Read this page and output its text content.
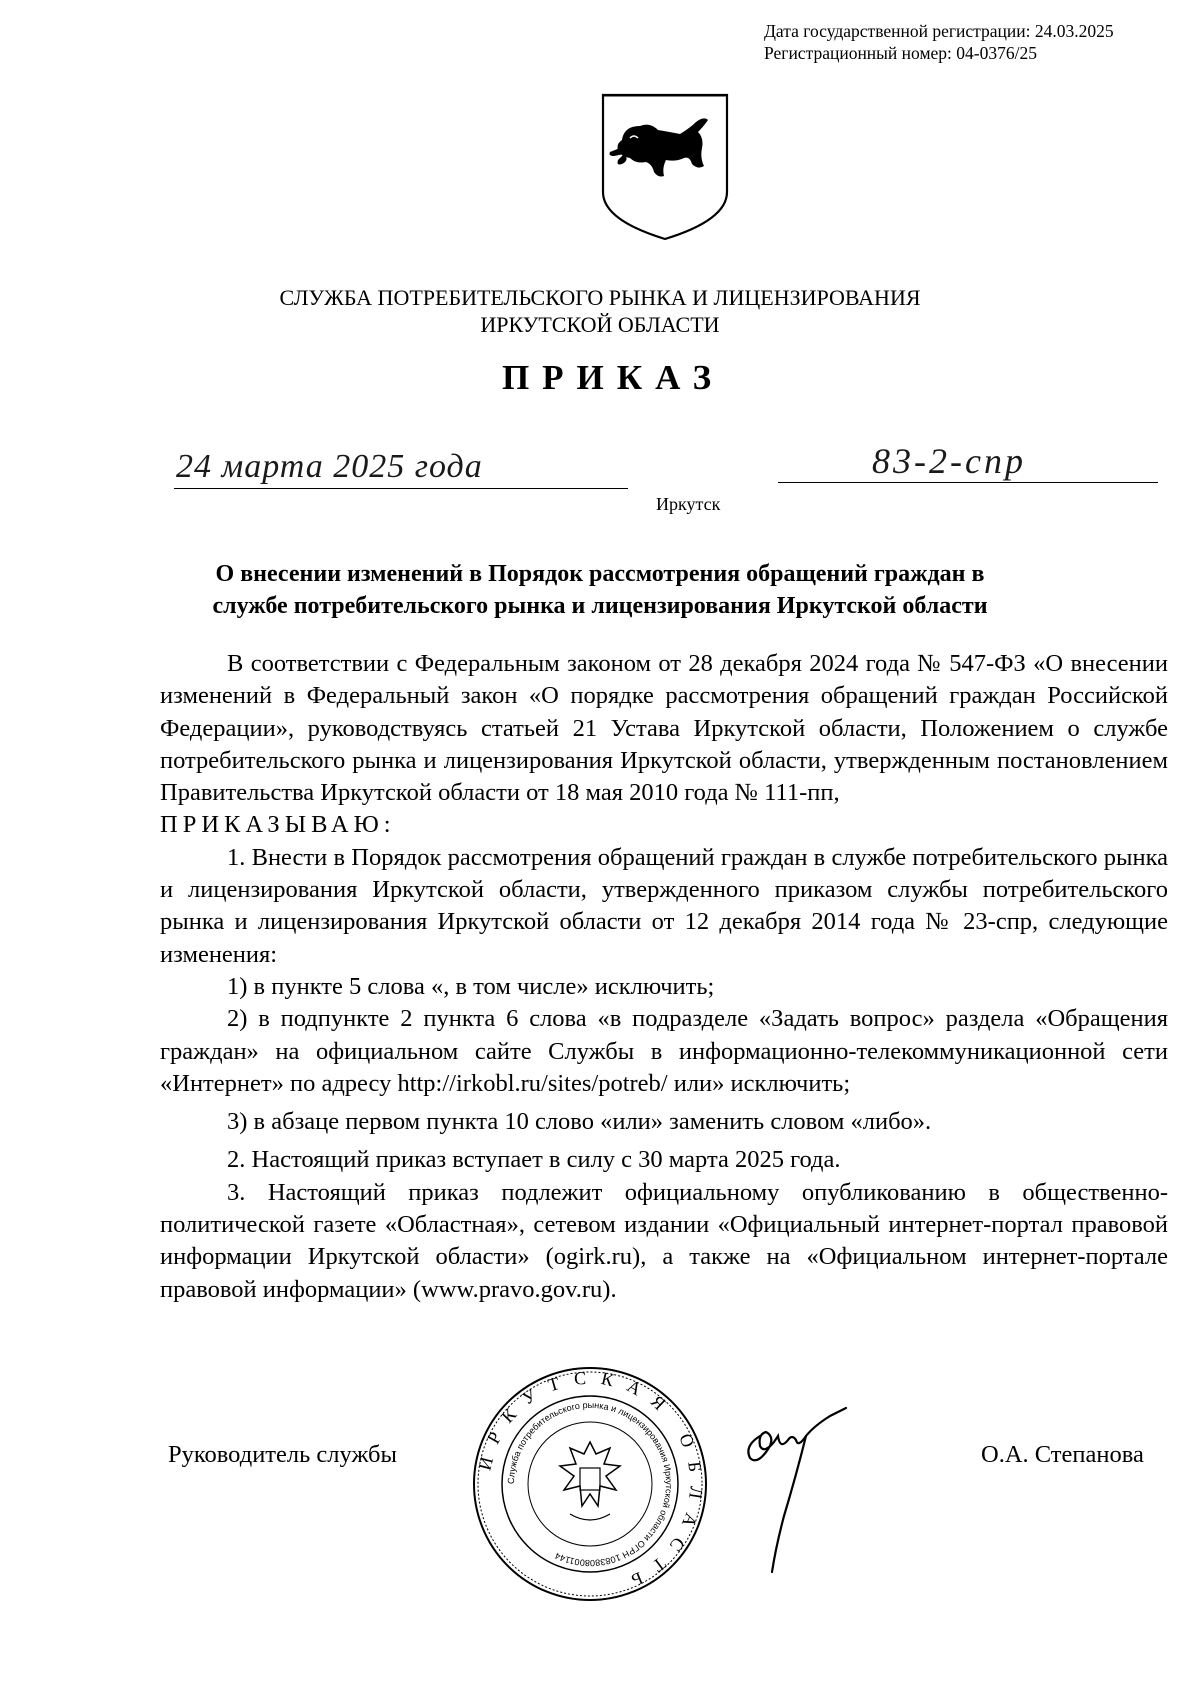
Дата государственной регистрации: 24.03.2025
Регистрационный номер: 04-0376/25
СЛУЖБА ПОТРЕБИТЕЛЬСКОГО РЫНКА И ЛИЦЕНЗИРОВАНИЯ
ИРКУТСКОЙ ОБЛАСТИ
ПРИКАЗ
24 марта 2025 года	83-2-спр
Иркутск
О внесении изменений в Порядок рассмотрения обращений граждан в
службе потребительского рынка и лицензирования Иркутской области

В соответствии с Федеральным законом от 28 декабря 2024 года № 547-ФЗ «О внесении изменений в Федеральный закон «О порядке рассмотрения обращений граждан Российской Федерации», руководствуясь статьей 21 Устава Иркутской области, Положением о службе потребительского рынка и лицензирования Иркутской области, утвержденным постановлением Правительства Иркутской области от 18 мая 2010 года № 111-пп,

ПРИКАЗЫВАЮ:

1. Внести в Порядок рассмотрения обращений граждан в службе потребительского рынка и лицензирования Иркутской области, утвержденного приказом службы потребительского рынка и лицензирования Иркутской области от 12 декабря 2014 года № 23-спр, следующие изменения:

1) в пункте 5 слова «, в том числе» исключить;

2) в подпункте 2 пункта 6 слова «в подразделе «Задать вопрос» раздела «Обращения граждан» на официальном сайте Службы в информационно-телекоммуникационной сети «Интернет» по адресу http://irkobl.ru/sites/potreb/ или» исключить;

3) в абзаце первом пункта 10 слово «или» заменить словом «либо».

2. Настоящий приказ вступает в силу с 30 марта 2025 года.

3. Настоящий приказ подлежит официальному опубликованию в общественно-политической газете «Областная», сетевом издании «Официальный интернет-портал правовой информации Иркутской области» (ogirk.ru), а также на «Официальном интернет-портале правовой информации» (www.pravo.gov.ru).

Руководитель службы	ИРКУТСКАЯ ОБЛАСТЬ
Служба потребительского рынка и лицензирования Иркутской области ОГРН 1083808001144
О.А. Степанова
